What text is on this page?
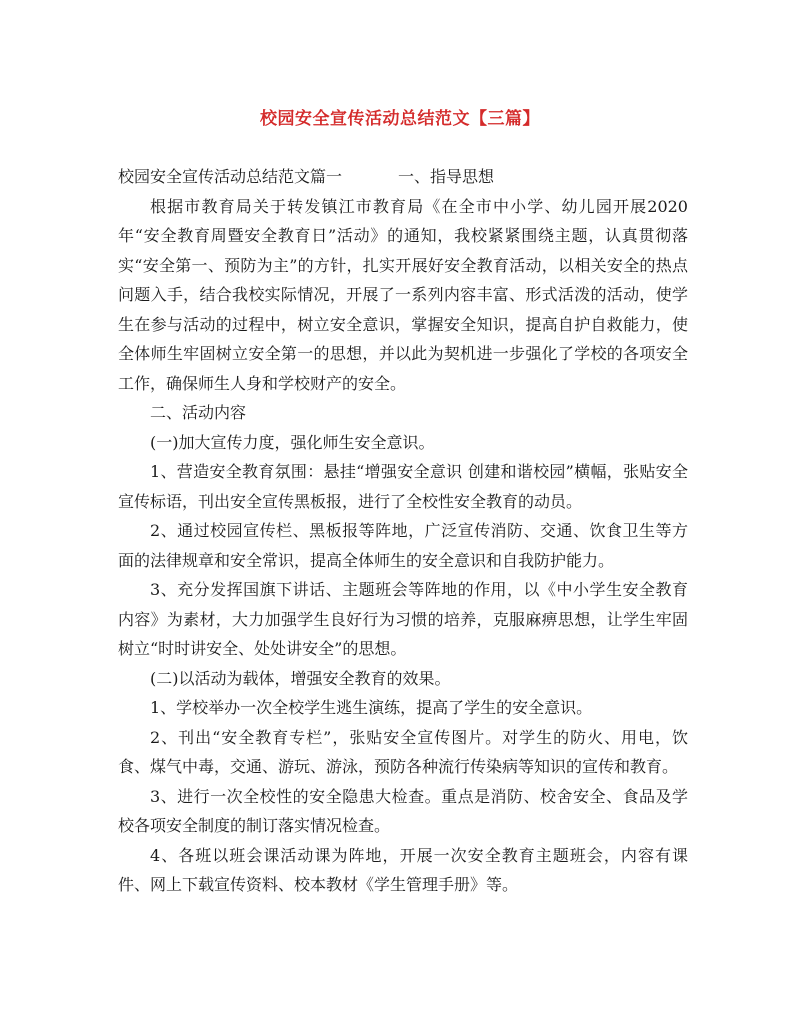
校园安全宣传活动总结范文【三篇】

校园安全宣传活动总结范文篇一	一、指导思想

根据市教育局关于转发镇江市教育局《在全市中小学、幼儿园开展2020年“安全教育周暨安全教育日”活动》的通知，我校紧紧围绕主题，认真贯彻落实“安全第一、预防为主”的方针，扎实开展好安全教育活动，以相关安全的热点问题入手，结合我校实际情况，开展了一系列内容丰富、形式活泼的活动，使学生在参与活动的过程中，树立安全意识，掌握安全知识，提高自护自救能力，使全体师生牢固树立安全第一的思想，并以此为契机进一步强化了学校的各项安全工作，确保师生人身和学校财产的安全。

二、活动内容

(一)加大宣传力度，强化师生安全意识。

1、营造安全教育氛围：悬挂“增强安全意识 创建和谐校园”横幅，张贴安全宣传标语，刊出安全宣传黑板报，进行了全校性安全教育的动员。

2、通过校园宣传栏、黑板报等阵地，广泛宣传消防、交通、饮食卫生等方面的法律规章和安全常识，提高全体师生的安全意识和自我防护能力。

3、充分发挥国旗下讲话、主题班会等阵地的作用，以《中小学生安全教育内容》为素材，大力加强学生良好行为习惯的培养，克服麻痹思想，让学生牢固树立“时时讲安全、处处讲安全”的思想。

(二)以活动为载体，增强安全教育的效果。

1、学校举办一次全校学生逃生演练，提高了学生的安全意识。

2、刊出“安全教育专栏”，张贴安全宣传图片。对学生的防火、用电，饮食、煤气中毒，交通、游玩、游泳，预防各种流行传染病等知识的宣传和教育。

3、进行一次全校性的安全隐患大检查。重点是消防、校舍安全、食品及学校各项安全制度的制订落实情况检查。

4、各班以班会课活动课为阵地，开展一次安全教育主题班会，内容有课件、网上下载宣传资料、校本教材《学生管理手册》等。
